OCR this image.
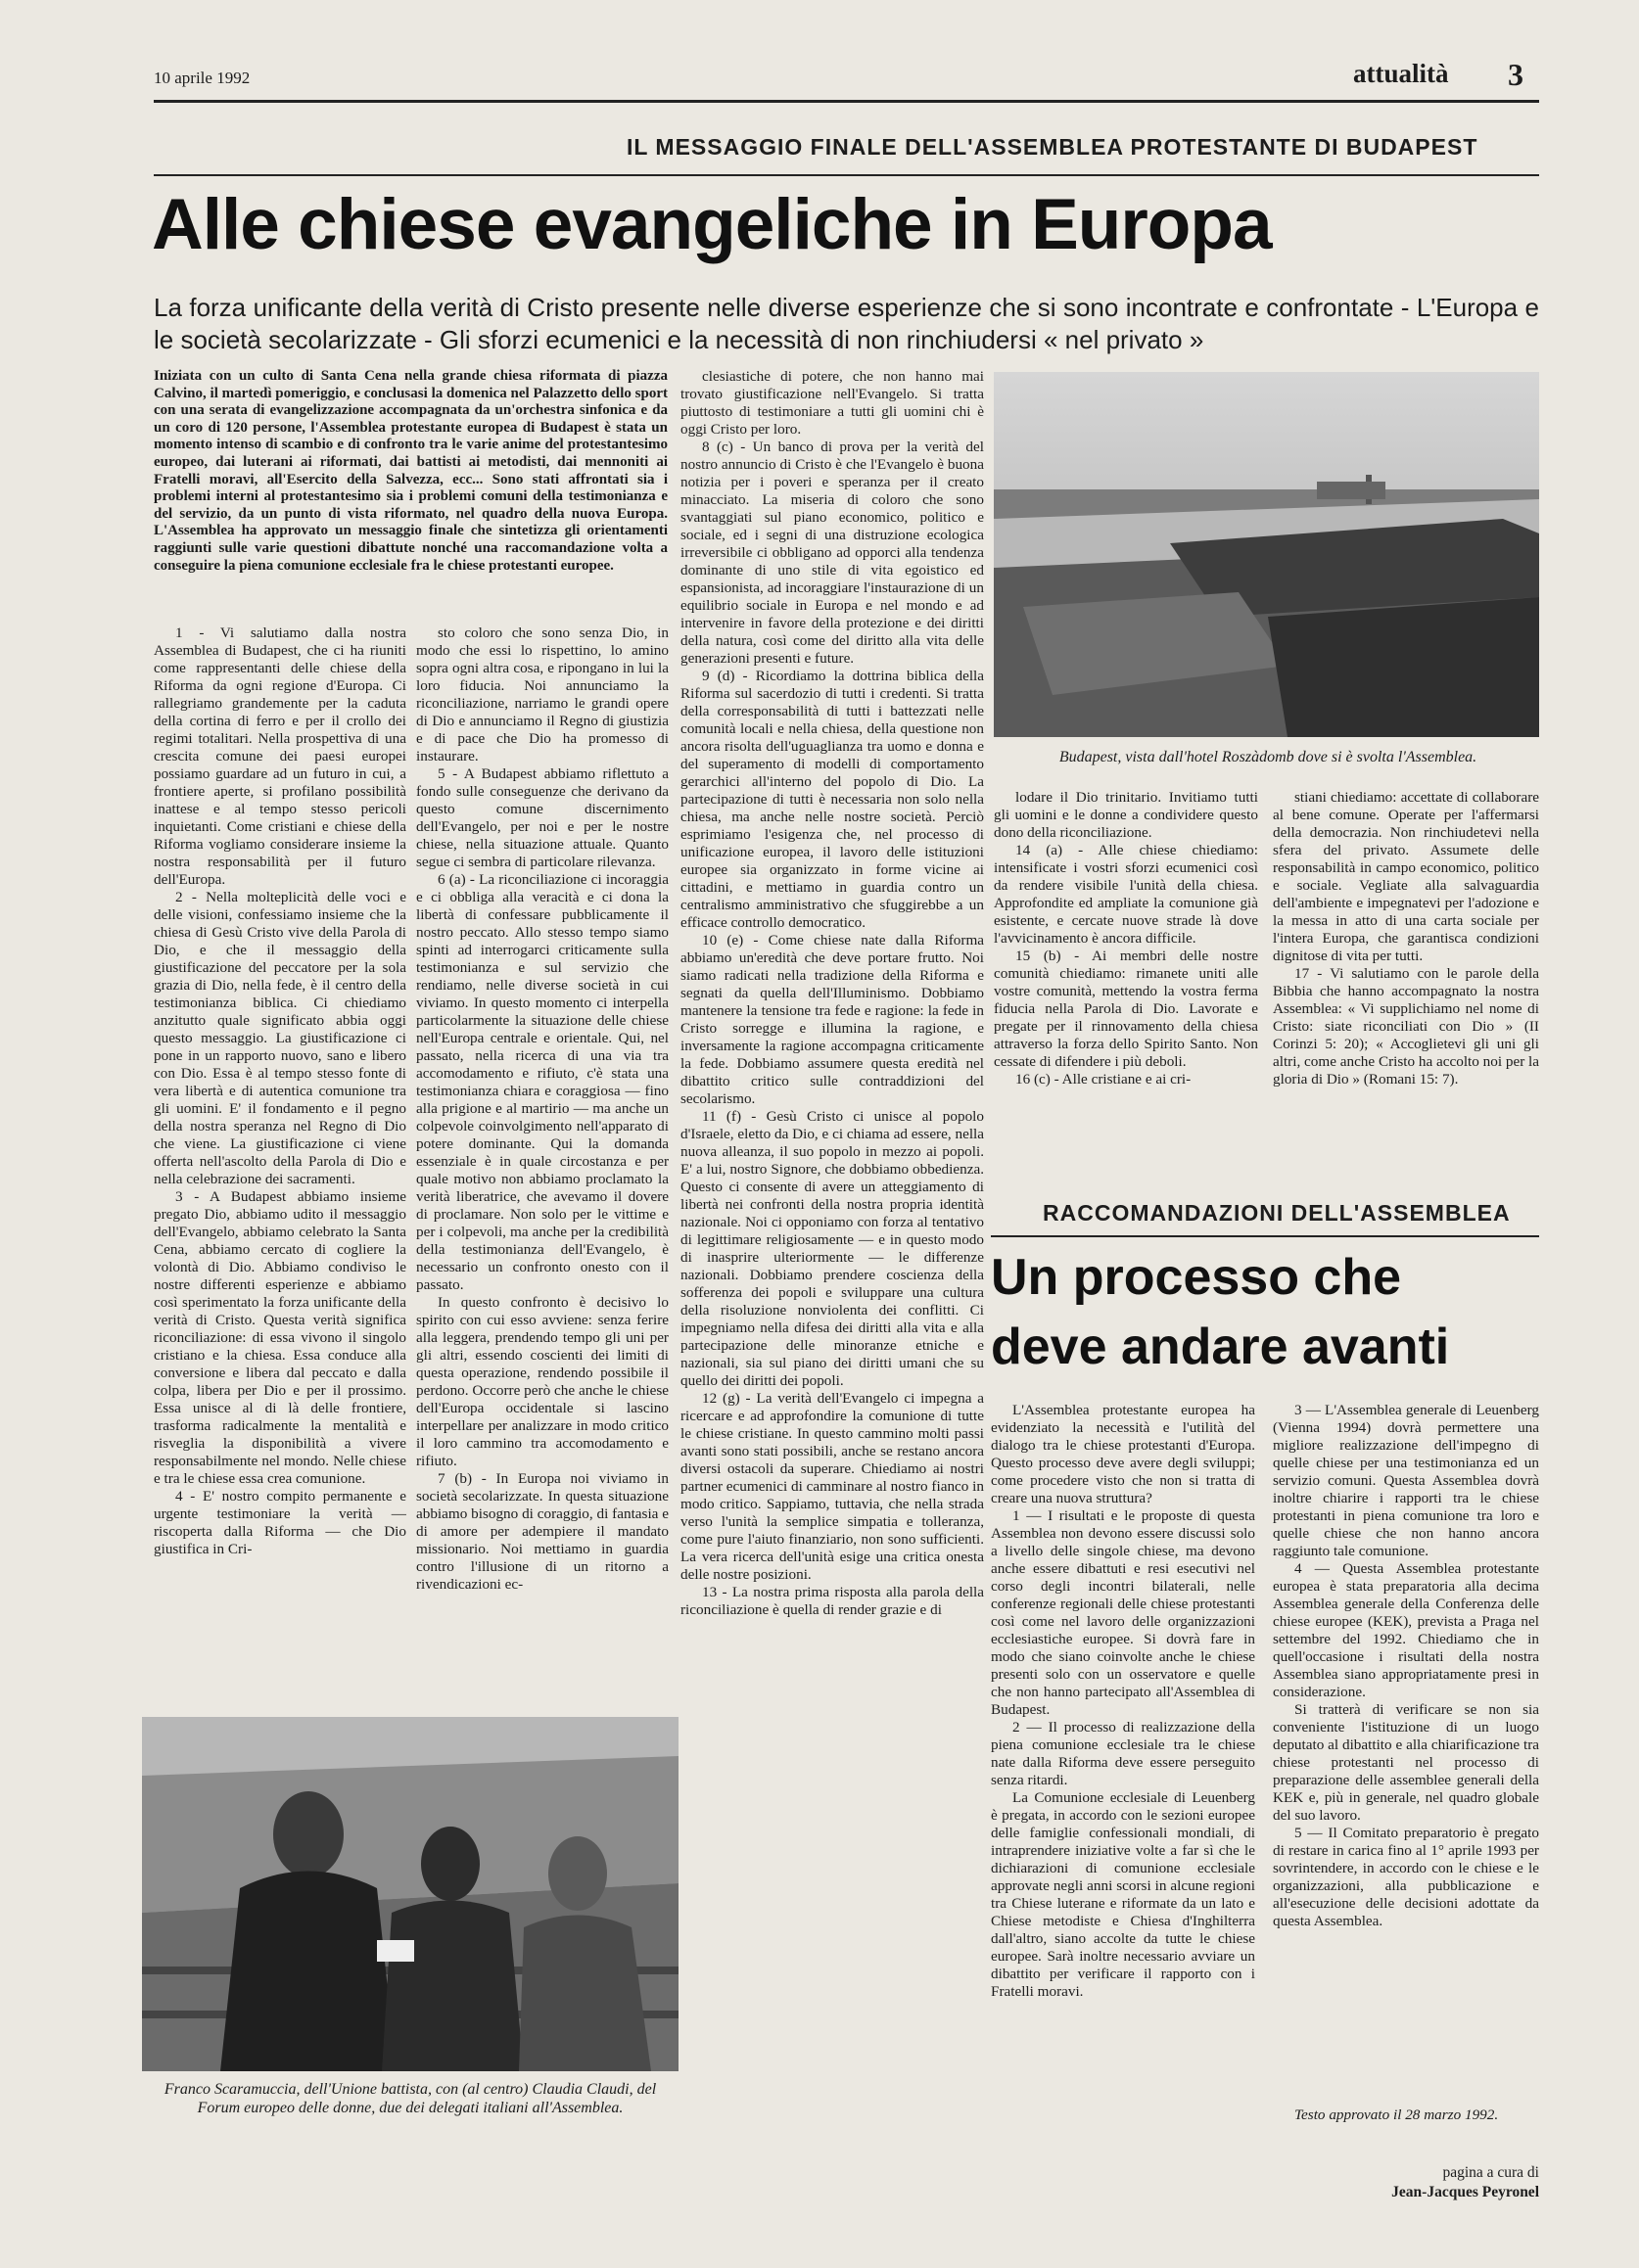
10 aprile 1992	attualità 3
IL MESSAGGIO FINALE DELL'ASSEMBLEA PROTESTANTE DI BUDAPEST
Alle chiese evangeliche in Europa
La forza unificante della verità di Cristo presente nelle diverse esperienze che si sono incontrate e confrontate - L'Europa e le società secolarizzate - Gli sforzi ecumenici e la necessità di non rinchiudersi « nel privato »
Iniziata con un culto di Santa Cena nella grande chiesa riformata di piazza Calvino, il martedì pomeriggio, e conclusasi la domenica nel Palazzetto dello sport con una serata di evangelizzazione accompagnata da un'orchestra sinfonica e da un coro di 120 persone, l'Assemblea protestante europea di Budapest è stata un momento intenso di scambio e di confronto tra le varie anime del protestantesimo europeo, dai luterani ai riformati, dai battisti ai metodisti, dai mennoniti ai Fratelli moravi, all'Esercito della Salvezza, ecc... Sono stati affrontati sia i problemi interni al protestantesimo sia i problemi comuni della testimonianza e del servizio, da un punto di vista riformato, nel quadro della nuova Europa. L'Assemblea ha approvato un messaggio finale che sintetizza gli orientamenti raggiunti sulle varie questioni dibattute nonché una raccomandazione volta a conseguire la piena comunione ecclesiale fra le chiese protestanti europee.

1 - Vi salutiamo dalla nostra Assemblea di Budapest, che ci ha riuniti come rappresentanti delle chiese della Riforma da ogni regione d'Europa. Ci rallegriamo grandemente per la caduta della cortina di ferro e per il crollo dei regimi totalitari. Nella prospettiva di una crescita comune dei paesi europei possiamo guardare ad un futuro in cui, a frontiere aperte, si profilano possibilità inattese e al tempo stesso pericoli inquietanti. Come cristiani e chiese della Riforma vogliamo considerare insieme la nostra responsabilità per il futuro dell'Europa.

2 - Nella molteplicità delle voci e delle visioni, confessiamo insieme che la chiesa di Gesù Cristo vive della Parola di Dio, e che il messaggio della giustificazione del peccatore per la sola grazia di Dio, nella fede, è il centro della testimonianza biblica. Ci chiediamo anzitutto quale significato abbia oggi questo messaggio. La giustificazione ci pone in un rapporto nuovo, sano e libero con Dio. Essa è al tempo stesso fonte di vera libertà e di autentica comunione tra gli uomini. E' il fondamento e il pegno della nostra speranza nel Regno di Dio che viene. La giustificazione ci viene offerta nell'ascolto della Parola di Dio e nella celebrazione dei sacramenti.

3 - A Budapest abbiamo insieme pregato Dio, abbiamo udito il messaggio dell'Evangelo, abbiamo celebrato la Santa Cena, abbiamo cercato di cogliere la volontà di Dio. Abbiamo condiviso le nostre differenti esperienze e abbiamo così sperimentato la forza unificante della verità di Cristo. Questa verità significa riconciliazione: di essa vivono il singolo cristiano e la chiesa. Essa conduce alla conversione e libera dal peccato e dalla colpa, libera per Dio e per il prossimo. Essa unisce al di là delle frontiere, trasforma radicalmente la mentalità e risveglia la disponibilità a vivere responsabilmente nel mondo. Nelle chiese e tra le chiese essa crea comunione.

4 - E' nostro compito permanente e urgente testimoniare la verità — riscoperta dalla Riforma — che Dio giustifica in Cri-

sto coloro che sono senza Dio, in modo che essi lo rispettino, lo amino sopra ogni altra cosa, e ripongano in lui la loro fiducia. Noi annunciamo la riconciliazione, narriamo le grandi opere di Dio e annunciamo il Regno di giustizia e di pace che Dio ha promesso di instaurare.

5 - A Budapest abbiamo riflettuto a fondo sulle conseguenze che derivano da questo comune discernimento dell'Evangelo, per noi e per le nostre chiese, nella situazione attuale. Quanto segue ci sembra di particolare rilevanza.

6 (a) - La riconciliazione ci incoraggia e ci obbliga alla veracità e ci dona la libertà di confessare pubblicamente il nostro peccato. Allo stesso tempo siamo spinti ad interrogarci criticamente sulla testimonianza e sul servizio che rendiamo, nelle diverse società in cui viviamo. In questo momento ci interpella particolarmente la situazione delle chiese nell'Europa centrale e orientale. Qui, nel passato, nella ricerca di una via tra accomodamento e rifiuto, c'è stata una testimonianza chiara e coraggiosa — fino alla prigione e al martirio — ma anche un colpevole coinvolgimento nell'apparato di potere dominante. Qui la domanda essenziale è in quale circostanza e per quale motivo non abbiamo proclamato la verità liberatrice, che avevamo il dovere di proclamare. Non solo per le vittime e per i colpevoli, ma anche per la credibilità della testimonianza dell'Evangelo, è necessario un confronto onesto con il passato.

In questo confronto è decisivo lo spirito con cui esso avviene: senza ferire alla leggera, prendendo tempo gli uni per gli altri, essendo coscienti dei limiti di questa operazione, rendendo possibile il perdono. Occorre però che anche le chiese dell'Europa occidentale si lascino interpellare per analizzare in modo critico il loro cammino tra accomodamento e rifiuto.

7 (b) - In Europa noi viviamo in società secolarizzate. In questa situazione abbiamo bisogno di coraggio, di fantasia e di amore per adempiere il mandato missionario. Noi mettiamo in guardia contro l'illusione di un ritorno a rivendicazioni ec-

clesiastiche di potere, che non hanno mai trovato giustificazione nell'Evangelo. Si tratta piuttosto di testimoniare a tutti gli uomini chi è oggi Cristo per loro.

8 (c) - Un banco di prova per la verità del nostro annuncio di Cristo è che l'Evangelo è buona notizia per i poveri e speranza per il creato minacciato. La miseria di coloro che sono svantaggiati sul piano economico, politico e sociale, ed i segni di una distruzione ecologica irreversibile ci obbligano ad opporci alla tendenza dominante di uno stile di vita egoistico ed espansionista, ad incoraggiare l'instaurazione di un equilibrio sociale in Europa e nel mondo e ad intervenire in favore della protezione e dei diritti della natura, così come del diritto alla vita delle generazioni presenti e future.

9 (d) - Ricordiamo la dottrina biblica della Riforma sul sacerdozio di tutti i credenti. Si tratta della corresponsabilità di tutti i battezzati nelle comunità locali e nella chiesa, della questione non ancora risolta dell'uguaglianza tra uomo e donna e del superamento di modelli di comportamento gerarchici all'interno del popolo di Dio. La partecipazione di tutti è necessaria non solo nella chiesa, ma anche nelle nostre società. Perciò esprimiamo l'esigenza che, nel processo di unificazione europea, il lavoro delle istituzioni europee sia organizzato in forme vicine ai cittadini, e mettiamo in guardia contro un centralismo amministrativo che sfuggirebbe a un efficace controllo democratico.

10 (e) - Come chiese nate dalla Riforma abbiamo un'eredità che deve portare frutto. Noi siamo radicati nella tradizione della Riforma e segnati da quella dell'Illuminismo. Dobbiamo mantenere la tensione tra fede e ragione: la fede in Cristo sorregge e illumina la ragione, e inversamente la ragione accompagna criticamente la fede. Dobbiamo assumere questa eredità nel dibattito critico sulle contraddizioni del secolarismo.

11 (f) - Gesù Cristo ci unisce al popolo d'Israele, eletto da Dio, e ci chiama ad essere, nella nuova alleanza, il suo popolo in mezzo ai popoli. E' a lui, nostro Signore, che dobbiamo obbedienza. Questo ci consente di avere un atteggiamento di libertà nei confronti della nostra propria identità nazionale. Noi ci opponiamo con forza al tentativo di legittimare religiosamente — e in questo modo di inasprire ulteriormente — le differenze nazionali. Dobbiamo prendere coscienza della sofferenza dei popoli e sviluppare una cultura della risoluzione nonviolenta dei conflitti. Ci impegniamo nella difesa dei diritti alla vita e alla partecipazione delle minoranze etniche e nazionali, sia sul piano dei diritti umani che su quello dei diritti dei popoli.

12 (g) - La verità dell'Evangelo ci impegna a ricercare e ad approfondire la comunione di tutte le chiese cristiane. In questo cammino molti passi avanti sono stati possibili, anche se restano ancora diversi ostacoli da superare. Chiediamo ai nostri partner ecumenici di camminare al nostro fianco in modo critico. Sappiamo, tuttavia, che nella strada verso l'unità la semplice simpatia e tolleranza, come pure l'aiuto finanziario, non sono sufficienti. La vera ricerca dell'unità esige una critica onesta delle nostre posizioni.

13 - La nostra prima risposta alla parola della riconciliazione è quella di render grazie e di

lodare il Dio trinitario. Invitiamo tutti gli uomini e le donne a condividere questo dono della riconciliazione.

14 (a) - Alle chiese chiediamo: intensificate i vostri sforzi ecumenici così da rendere visibile l'unità della chiesa. Approfondite ed ampliate la comunione già esistente, e cercate nuove strade là dove l'avvicinamento è ancora difficile.

15 (b) - Ai membri delle nostre comunità chiediamo: rimanete uniti alle vostre comunità, mettendo la vostra ferma fiducia nella Parola di Dio. Lavorate e pregate per il rinnovamento della chiesa attraverso la forza dello Spirito Santo. Non cessate di difendere i più deboli.

16 (c) - Alle cristiane e ai cri-

stiani chiediamo: accettate di collaborare al bene comune. Operate per l'affermarsi della democrazia. Non rinchiudetevi nella sfera del privato. Assumete delle responsabilità in campo economico, politico e sociale. Vegliate alla salvaguardia dell'ambiente e impegnatevi per l'adozione e la messa in atto di una carta sociale per l'intera Europa, che garantisca condizioni dignitose di vita per tutti.

17 - Vi salutiamo con le parole della Bibbia che hanno accompagnato la nostra Assemblea: « Vi supplichiamo nel nome di Cristo: siate riconciliati con Dio » (II Corinzi 5: 20); « Accoglietevi gli uni gli altri, come anche Cristo ha accolto noi per la gloria di Dio » (Romani 15: 7).

Budapest, vista dall'hotel Roszàdomb dove si è svolta l'Assemblea.
Franco Scaramuccia, dell'Unione battista, con (al centro) Claudia Claudi, del Forum europeo delle donne, due dei delegati italiani all'Assemblea.
RACCOMANDAZIONI DELL'ASSEMBLEA
Un processo che
deve andare avanti

L'Assemblea protestante europea ha evidenziato la necessità e l'utilità del dialogo tra le chiese protestanti d'Europa. Questo processo deve avere degli sviluppi; come procedere visto che non si tratta di creare una nuova struttura?

1 — I risultati e le proposte di questa Assemblea non devono essere discussi solo a livello delle singole chiese, ma devono anche essere dibattuti e resi esecutivi nel corso degli incontri bilaterali, nelle conferenze regionali delle chiese protestanti così come nel lavoro delle organizzazioni ecclesiastiche europee. Si dovrà fare in modo che siano coinvolte anche le chiese presenti solo con un osservatore e quelle che non hanno partecipato all'Assemblea di Budapest.

2 — Il processo di realizzazione della piena comunione ecclesiale tra le chiese nate dalla Riforma deve essere perseguito senza ritardi.

La Comunione ecclesiale di Leuenberg è pregata, in accordo con le sezioni europee delle famiglie confessionali mondiali, di intraprendere iniziative volte a far sì che le dichiarazioni di comunione ecclesiale approvate negli anni scorsi in alcune regioni tra Chiese luterane e riformate da un lato e Chiese metodiste e Chiesa d'Inghilterra dall'altro, siano accolte da tutte le chiese europee. Sarà inoltre necessario avviare un dibattito per verificare il rapporto con i Fratelli moravi.

3 — L'Assemblea generale di Leuenberg (Vienna 1994) dovrà permettere una migliore realizzazione dell'impegno di quelle chiese per una testimonianza ed un servizio comuni. Questa Assemblea dovrà inoltre chiarire i rapporti tra le chiese protestanti in piena comunione tra loro e quelle chiese che non hanno ancora raggiunto tale comunione.

4 — Questa Assemblea protestante europea è stata preparatoria alla decima Assemblea generale della Conferenza delle chiese europee (KEK), prevista a Praga nel settembre del 1992. Chiediamo che in quell'occasione i risultati della nostra Assemblea siano appropriatamente presi in considerazione.

Si tratterà di verificare se non sia conveniente l'istituzione di un luogo deputato al dibattito e alla chiarificazione tra chiese protestanti nel processo di preparazione delle assemblee generali della KEK e, più in generale, nel quadro globale del suo lavoro.

5 — Il Comitato preparatorio è pregato di restare in carica fino al 1° aprile 1993 per sovrintendere, in accordo con le chiese e le organizzazioni, alla pubblicazione e all'esecuzione delle decisioni adottate da questa Assemblea.

Testo approvato il 28 marzo 1992.
pagina a cura di
Jean-Jacques Peyronel
